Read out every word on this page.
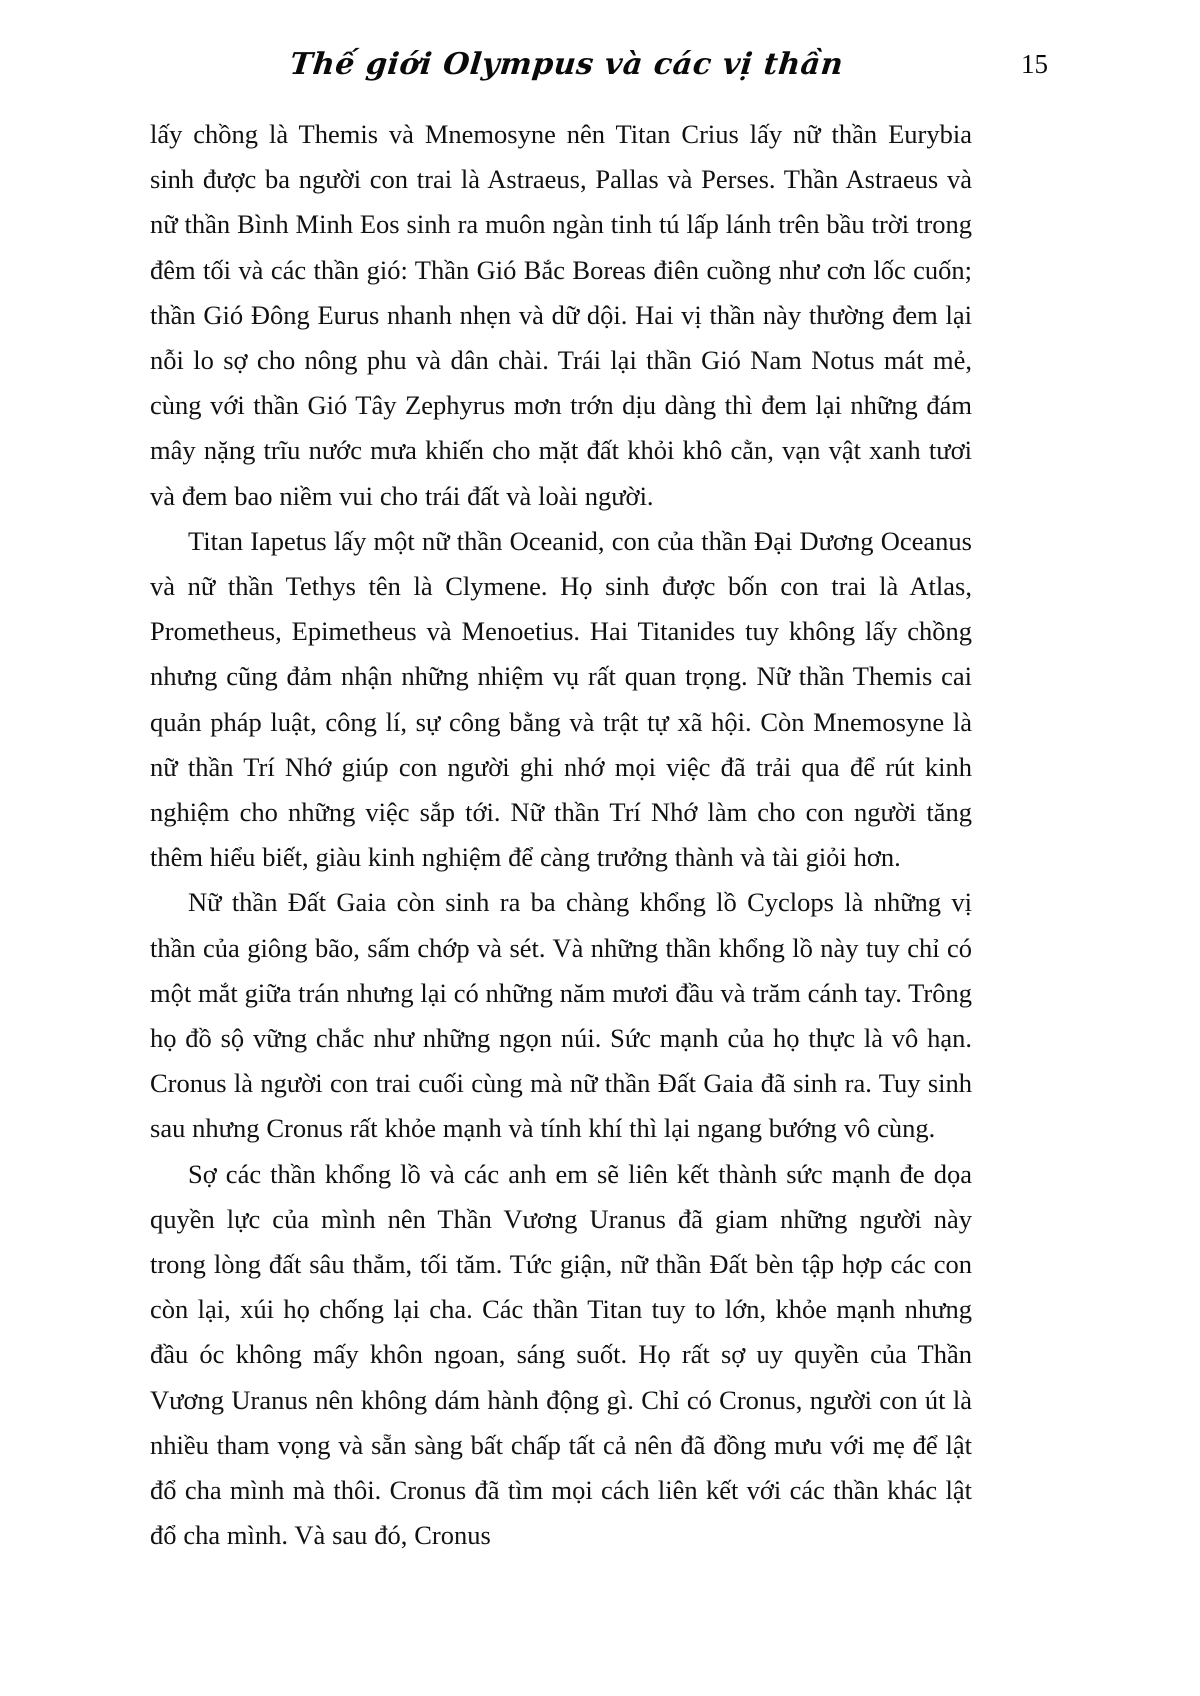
Thế giới Olympus và các vị thần	15

lấy chồng là Themis và Mnemosyne nên Titan Crius lấy nữ thần Eurybia sinh được ba người con trai là Astraeus, Pallas và Perses. Thần Astraeus và nữ thần Bình Minh Eos sinh ra muôn ngàn tinh tú lấp lánh trên bầu trời trong đêm tối và các thần gió: Thần Gió Bắc Boreas điên cuồng như cơn lốc cuốn; thần Gió Đông Eurus nhanh nhẹn và dữ dội. Hai vị thần này thường đem lại nỗi lo sợ cho nông phu và dân chài. Trái lại thần Gió Nam Notus mát mẻ, cùng với thần Gió Tây Zephyrus mơn trớn dịu dàng thì đem lại những đám mây nặng trĩu nước mưa khiến cho mặt đất khỏi khô cằn, vạn vật xanh tươi và đem bao niềm vui cho trái đất và loài người.

Titan Iapetus lấy một nữ thần Oceanid, con của thần Đại Dương Oceanus và nữ thần Tethys tên là Clymene. Họ sinh được bốn con trai là Atlas, Prometheus, Epimetheus và Menoetius. Hai Titanides tuy không lấy chồng nhưng cũng đảm nhận những nhiệm vụ rất quan trọng. Nữ thần Themis cai quản pháp luật, công lí, sự công bằng và trật tự xã hội. Còn Mnemosyne là nữ thần Trí Nhớ giúp con người ghi nhớ mọi việc đã trải qua để rút kinh nghiệm cho những việc sắp tới. Nữ thần Trí Nhớ làm cho con người tăng thêm hiểu biết, giàu kinh nghiệm để càng trưởng thành và tài giỏi hơn.

Nữ thần Đất Gaia còn sinh ra ba chàng khổng lồ Cyclops là những vị thần của giông bão, sấm chớp và sét. Và những thần khổng lồ này tuy chỉ có một mắt giữa trán nhưng lại có những năm mươi đầu và trăm cánh tay. Trông họ đồ sộ vững chắc như những ngọn núi. Sức mạnh của họ thực là vô hạn. Cronus là người con trai cuối cùng mà nữ thần Đất Gaia đã sinh ra. Tuy sinh sau nhưng Cronus rất khỏe mạnh và tính khí thì lại ngang bướng vô cùng.

Sợ các thần khổng lồ và các anh em sẽ liên kết thành sức mạnh đe dọa quyền lực của mình nên Thần Vương Uranus đã giam những người này trong lòng đất sâu thẳm, tối tăm. Tức giận, nữ thần Đất bèn tập hợp các con còn lại, xúi họ chống lại cha. Các thần Titan tuy to lớn, khỏe mạnh nhưng đầu óc không mấy khôn ngoan, sáng suốt. Họ rất sợ uy quyền của Thần Vương Uranus nên không dám hành động gì. Chỉ có Cronus, người con út là nhiều tham vọng và sẵn sàng bất chấp tất cả nên đã đồng mưu với mẹ để lật đổ cha mình mà thôi. Cronus đã tìm mọi cách liên kết với các thần khác lật đổ cha mình. Và sau đó, Cronus
